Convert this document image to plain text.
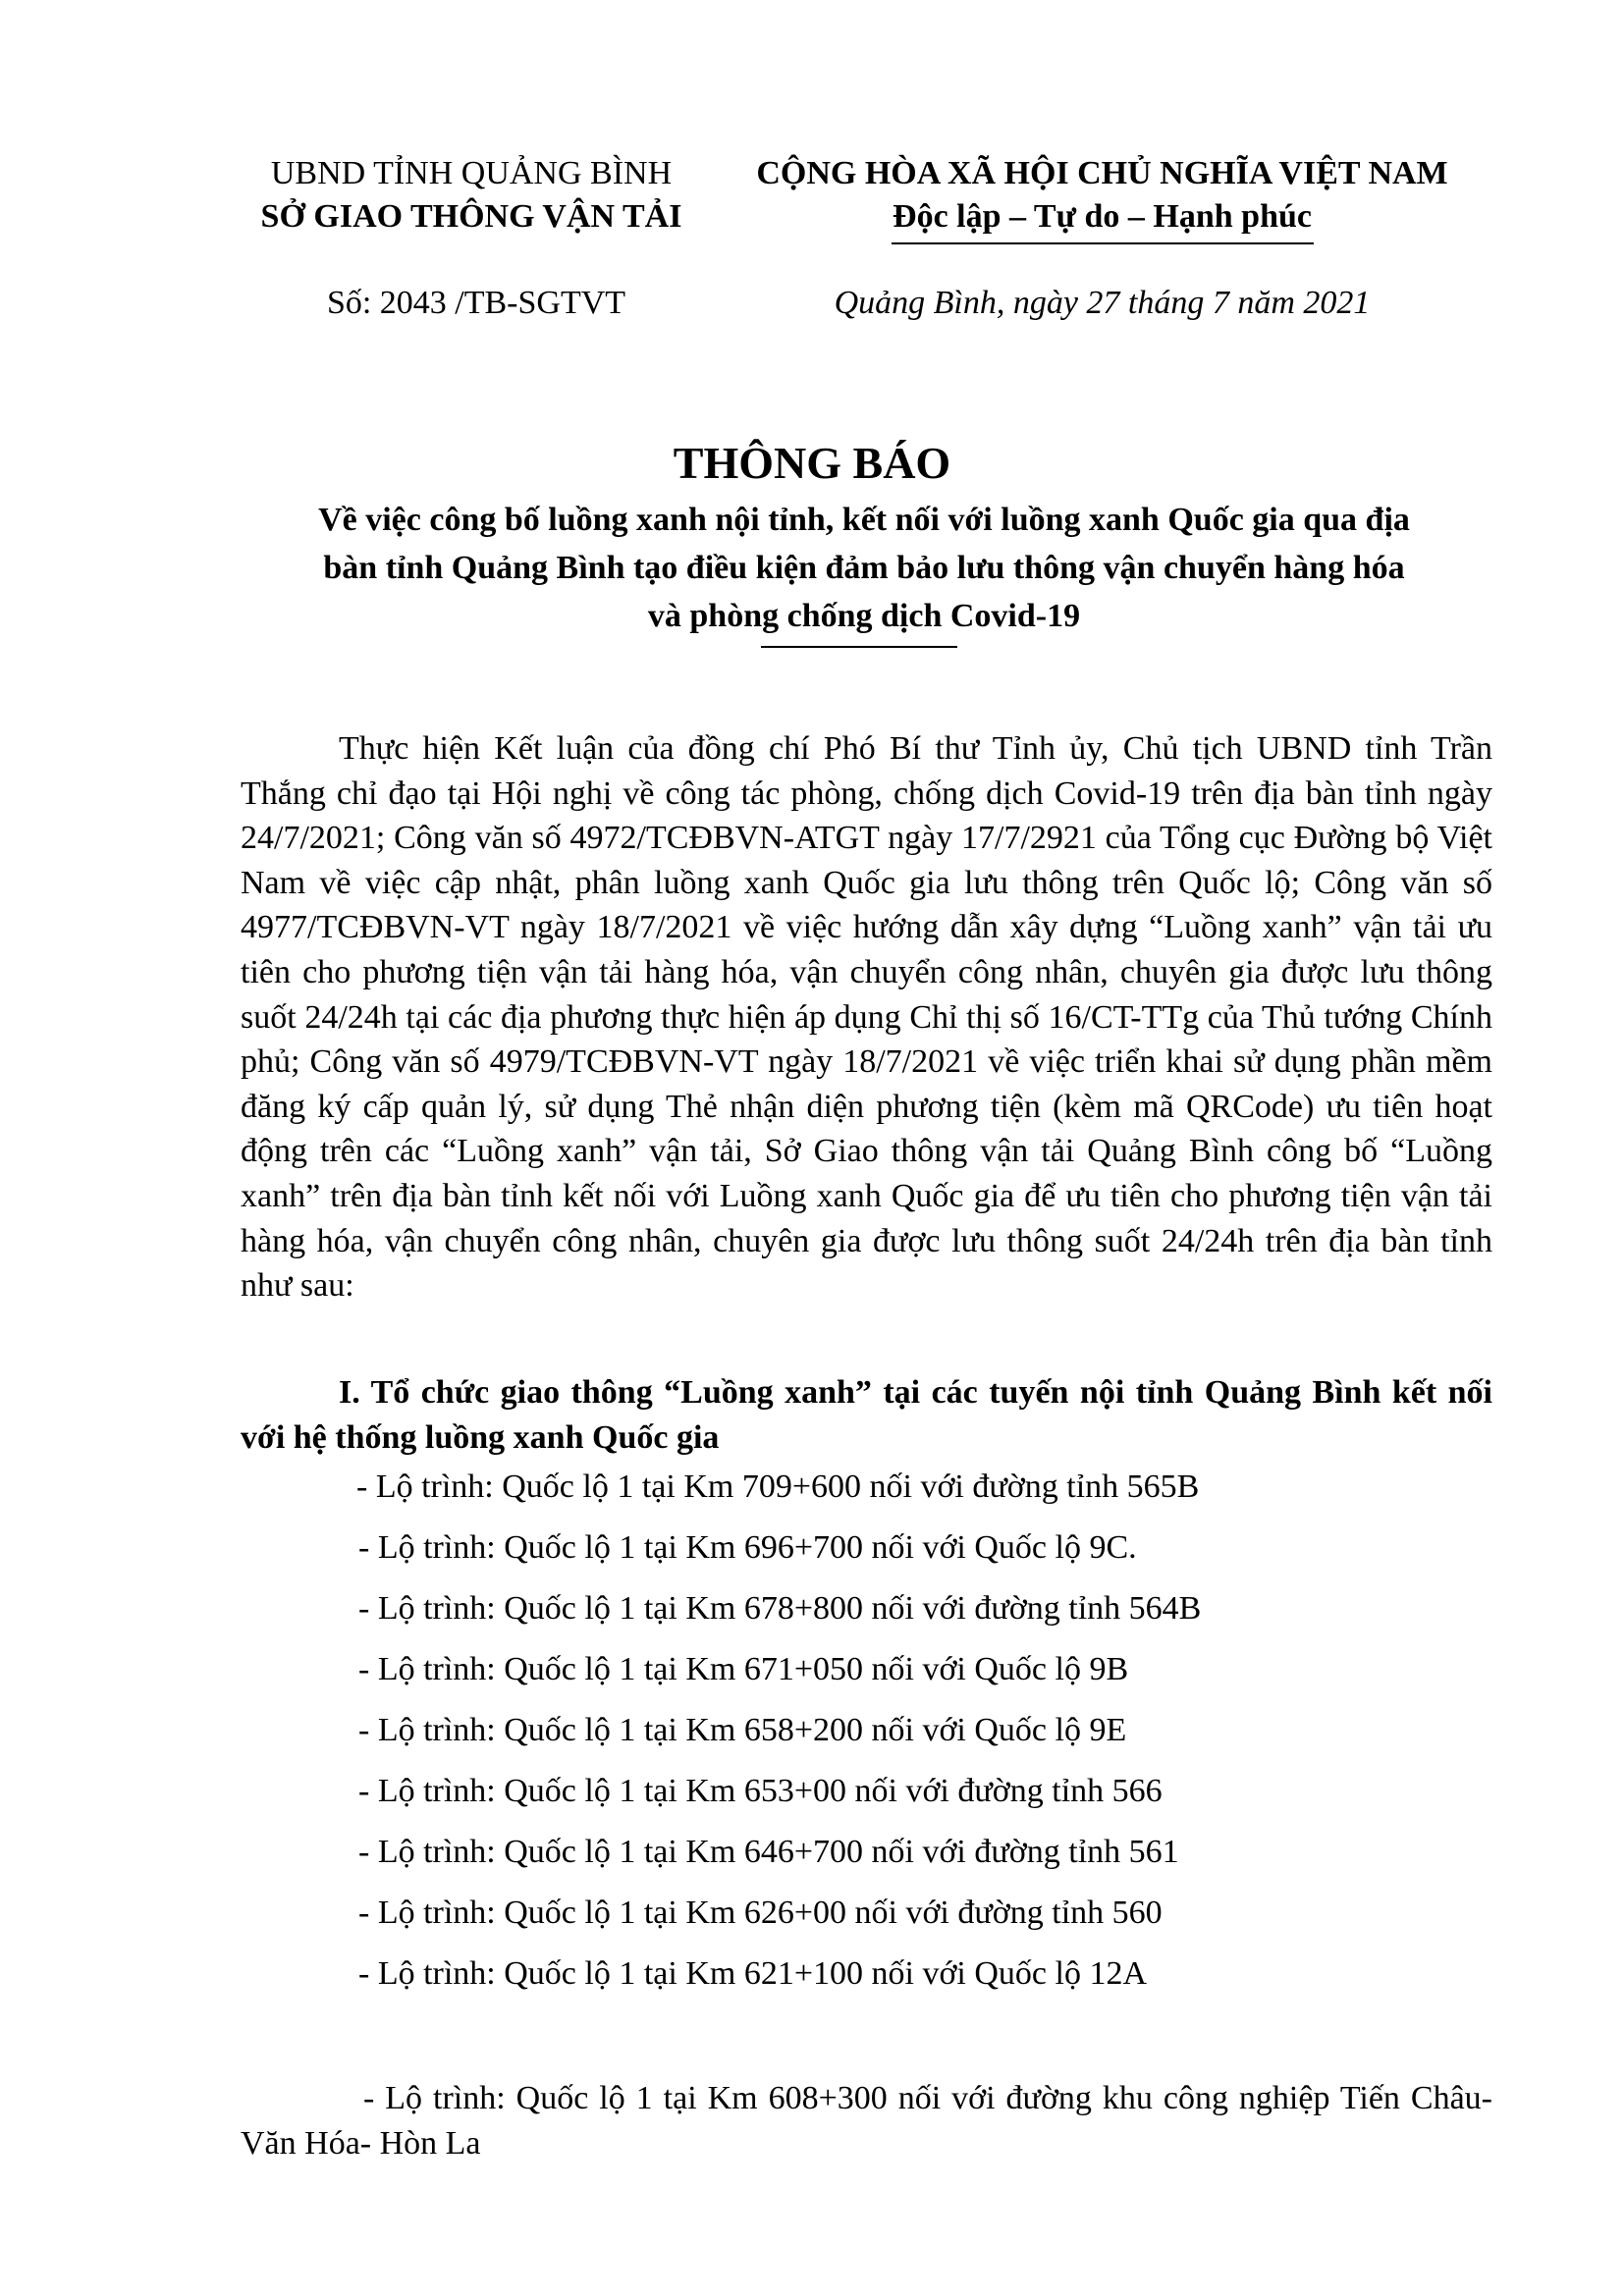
UBND TỈNH QUẢNG BÌNH
SỞ GIAO THÔNG VẬN TẢI
CỘNG HÒA XÃ HỘI CHỦ NGHĨA VIỆT NAM
Độc lập – Tự do – Hạnh phúc
Số: 2043 /TB-SGTVT	Quảng Bình, ngày 27 tháng 7 năm 2021
THÔNG BÁO
Về việc công bố luồng xanh nội tỉnh, kết nối với luồng xanh Quốc gia qua địa
bàn tỉnh Quảng Bình tạo điều kiện đảm bảo lưu thông vận chuyển hàng hóa
và phòng chống dịch Covid-19

Thực hiện Kết luận của đồng chí Phó Bí thư Tỉnh ủy, Chủ tịch UBND tỉnh Trần Thắng chỉ đạo tại Hội nghị về công tác phòng, chống dịch Covid-19 trên địa bàn tỉnh ngày 24/7/2021; Công văn số 4972/TCĐBVN-ATGT ngày 17/7/2921 của Tổng cục Đường bộ Việt Nam về việc cập nhật, phân luồng xanh Quốc gia lưu thông trên Quốc lộ; Công văn số 4977/TCĐBVN-VT ngày 18/7/2021 về việc hướng dẫn xây dựng “Luồng xanh” vận tải ưu tiên cho phương tiện vận tải hàng hóa, vận chuyển công nhân, chuyên gia được lưu thông suốt 24/24h tại các địa phương thực hiện áp dụng Chỉ thị số 16/CT-TTg của Thủ tướng Chính phủ; Công văn số 4979/TCĐBVN-VT ngày 18/7/2021 về việc triển khai sử dụng phần mềm đăng ký cấp quản lý, sử dụng Thẻ nhận diện phương tiện (kèm mã QRCode) ưu tiên hoạt động trên các “Luồng xanh” vận tải, Sở Giao thông vận tải Quảng Bình công bố “Luồng xanh” trên địa bàn tỉnh kết nối với Luồng xanh Quốc gia để ưu tiên cho phương tiện vận tải hàng hóa, vận chuyển công nhân, chuyên gia được lưu thông suốt 24/24h trên địa bàn tỉnh như sau:

I. Tổ chức giao thông “Luồng xanh” tại các tuyến nội tỉnh Quảng Bình kết nối với hệ thống luồng xanh Quốc gia

- Lộ trình: Quốc lộ 1 tại Km 709+600 nối với đường tỉnh 565B
- Lộ trình: Quốc lộ 1 tại Km 696+700 nối với Quốc lộ 9C.
- Lộ trình: Quốc lộ 1 tại Km 678+800 nối với đường tỉnh 564B
- Lộ trình: Quốc lộ 1 tại Km 671+050 nối với Quốc lộ 9B
- Lộ trình: Quốc lộ 1 tại Km 658+200 nối với Quốc lộ 9E
- Lộ trình: Quốc lộ 1 tại Km 653+00 nối với đường tỉnh 566
- Lộ trình: Quốc lộ 1 tại Km 646+700 nối với đường tỉnh 561
- Lộ trình: Quốc lộ 1 tại Km 626+00 nối với đường tỉnh 560
- Lộ trình: Quốc lộ 1 tại Km 621+100 nối với Quốc lộ 12A

- Lộ trình: Quốc lộ 1 tại Km 608+300 nối với đường khu công nghiệp Tiến Châu- Văn Hóa- Hòn La
